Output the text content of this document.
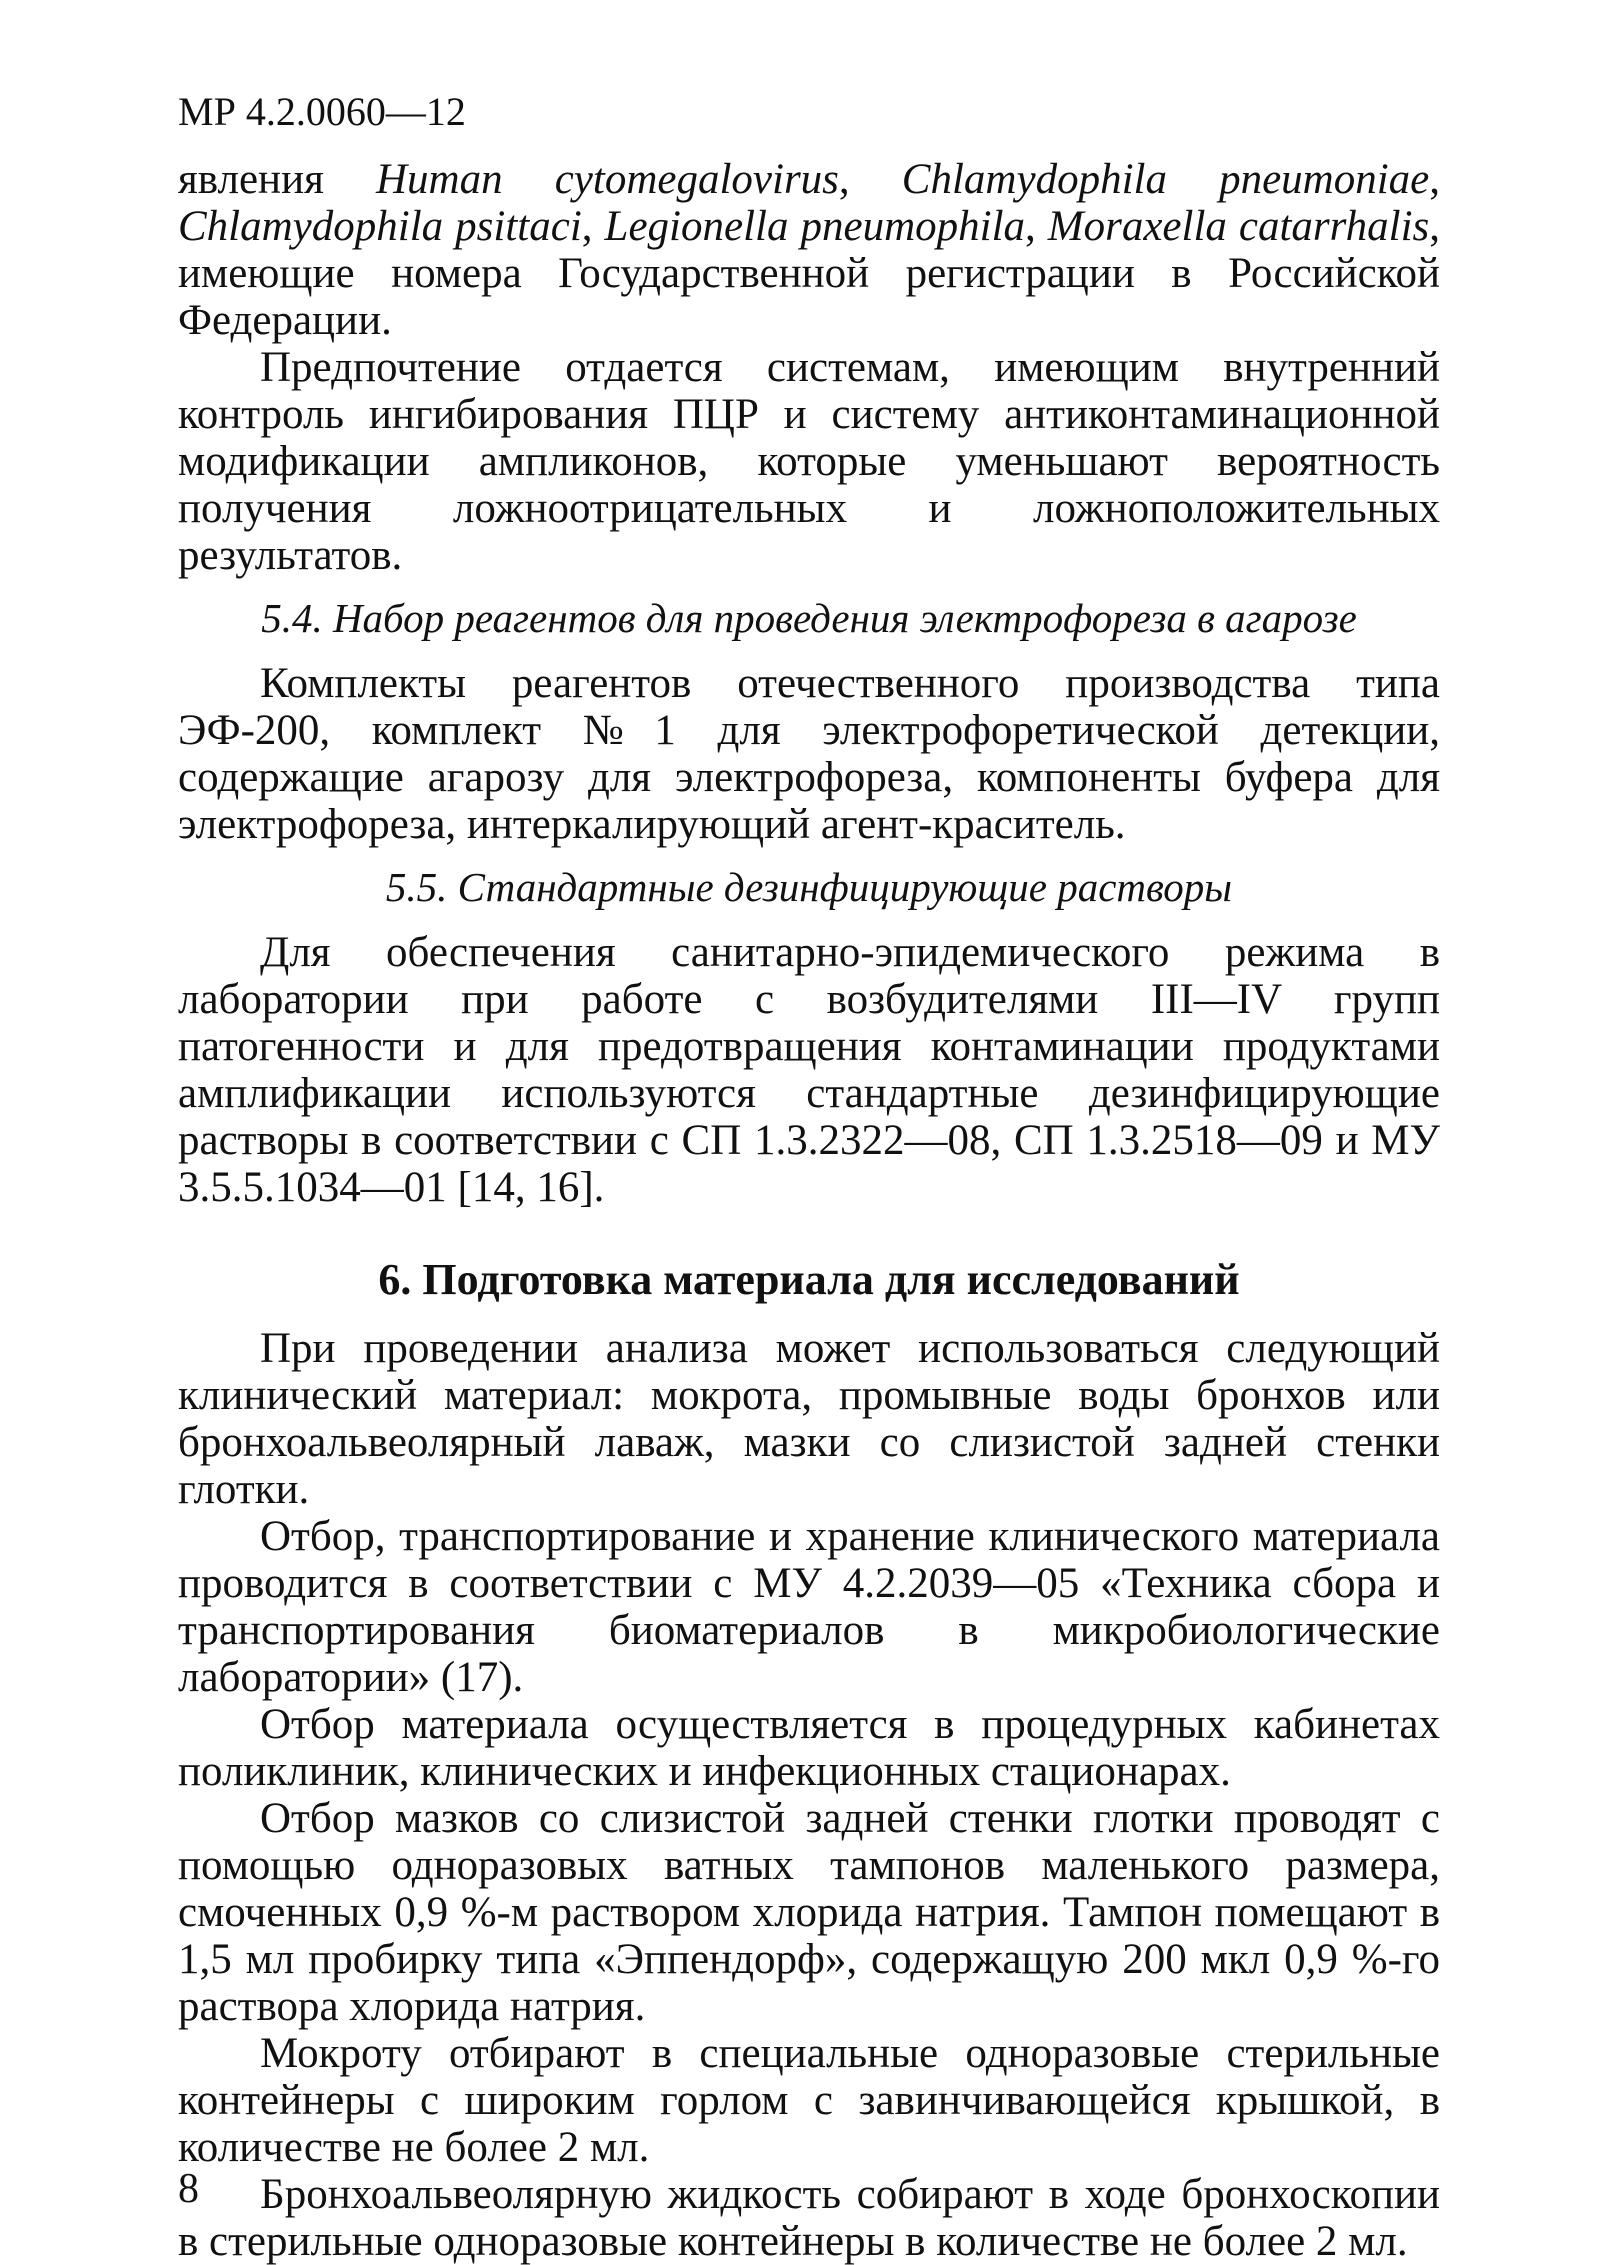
МР 4.2.0060—12

явления Human cytomegalovirus, Chlamydophila pneumoniae, Chlamydophila psittaci, Legionella pneumophila, Moraxella catarrhalis, имеющие номера Государственной регистрации в Российской Федерации.

Предпочтение отдается системам, имеющим внутренний контроль ингибирования ПЦР и систему антиконтаминационной модификации ампликонов, которые уменьшают вероятность получения ложноотрицательных и ложноположительных результатов.

5.4. Набор реагентов для проведения электрофореза в агарозе

Комплекты реагентов отечественного производства типа ЭФ-200, комплект №1 для электрофоретической детекции, содержащие агарозу для электрофореза, компоненты буфера для электрофореза, интеркалирующий агент-краситель.

5.5. Стандартные дезинфицирующие растворы

Для обеспечения санитарно-эпидемического режима в лаборатории при работе с возбудителями III—IV групп патогенности и для предотвращения контаминации продуктами амплификации используются стандартные дезинфицирующие растворы в соответствии с СП 1.3.2322—08, СП 1.3.2518—09 и МУ 3.5.5.1034—01 [14, 16].

6. Подготовка материала для исследований

При проведении анализа может использоваться следующий клинический материал: мокрота, промывные воды бронхов или бронхоальвеолярный лаваж, мазки со слизистой задней стенки глотки.

Отбор, транспортирование и хранение клинического материала проводится в соответствии с МУ 4.2.2039—05 «Техника сбора и транспортирования биоматериалов в микробиологические лаборатории» (17).

Отбор материала осуществляется в процедурных кабинетах поликлиник, клинических и инфекционных стационарах.

Отбор мазков со слизистой задней стенки глотки проводят с помощью одноразовых ватных тампонов маленького размера, смоченных 0,9 %-м раствором хлорида натрия. Тампон помещают в 1,5 мл пробирку типа «Эппендорф», содержащую 200 мкл 0,9 %-го раствора хлорида натрия.

Мокроту отбирают в специальные одноразовые стерильные контейнеры с широким горлом с завинчивающейся крышкой, в количестве не более 2 мл.

Бронхоальвеолярную жидкость собирают в ходе бронхоскопии в стерильные одноразовые контейнеры в количестве не более 2 мл.

8
